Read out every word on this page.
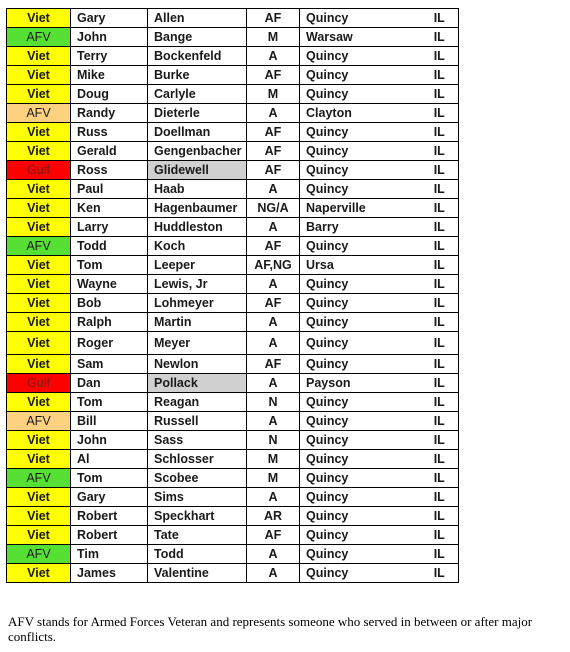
Viet	Gary	Allen	AF	Quincy		IL
AFV	John	Bange	M	Warsaw		IL
Viet	Terry	Bockenfeld	A	Quincy		IL
Viet	Mike	Burke	AF	Quincy		IL
Viet	Doug	Carlyle	M	Quincy		IL
AFV	Randy	Dieterle	A	Clayton		IL
Viet	Russ	Doellman	AF	Quincy		IL
Viet	Gerald	Gengenbacher	AF	Quincy		IL
Gulf	Ross	Glidewell	AF	Quincy		IL
Viet	Paul	Haab	A	Quincy		IL
Viet	Ken	Hagenbaumer	NG/A	Naperville		IL
Viet	Larry	Huddleston	A	Barry		IL
AFV	Todd	Koch	AF	Quincy		IL
Viet	Tom	Leeper	AF,NG	Ursa		IL
Viet	Wayne	Lewis, Jr	A	Quincy		IL
Viet	Bob	Lohmeyer	AF	Quincy		IL
Viet	Ralph	Martin	A	Quincy		IL
Viet	Roger	Meyer	A	Quincy		IL
Viet	Sam	Newlon	AF	Quincy		IL
Gulf	Dan	Pollack	A	Payson		IL
Viet	Tom	Reagan	N	Quincy		IL
AFV	Bill	Russell	A	Quincy		IL
Viet	John	Sass	N	Quincy		IL
Viet	Al	Schlosser	M	Quincy		IL
AFV	Tom	Scobee	M	Quincy		IL
Viet	Gary	Sims	A	Quincy		IL
Viet	Robert	Speckhart	AR	Quincy		IL
Viet	Robert	Tate	AF	Quincy		IL
AFV	Tim	Todd	A	Quincy		IL
Viet	James	Valentine	A	Quincy		IL

AFV stands for Armed Forces Veteran and represents someone who served in between or after major conflicts.
